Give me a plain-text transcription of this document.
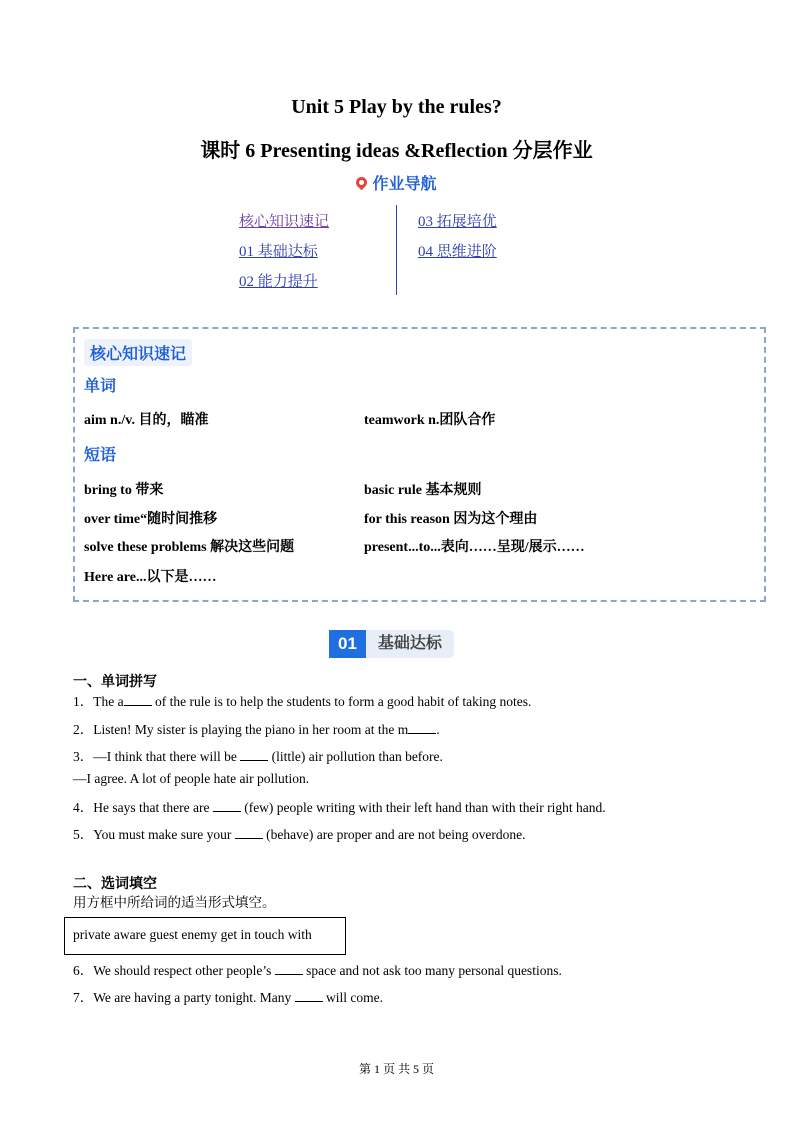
Unit 5 Play by the rules?
课时 6 Presenting ideas &Reflection 分层作业
作业导航
核心知识速记
01 基础达标
02 能力提升
03 拓展培优
04 思维进阶
核心知识速记
单词
aim n./v. 目的，瞄准	teamwork n.团队合作
短语
bring to 带来	basic rule 基本规则
over time“随时间推移	for this reason 因为这个理由
solve these problems 解决这些问题	present...to...表向……呈现/展示……
Here are...以下是……
01	基础达标
一、单词拼写
1．The a of the rule is to help the students to form a good habit of taking notes.
2．Listen! My sister is playing the piano in her room at the m .
3．—I think that there will be  (little) air pollution than before.
—I agree. A lot of people hate air pollution.
4．He says that there are  (few) people writing with their left hand than with their right hand.
5．You must make sure your  (behave) are proper and are not being overdone.
二、选词填空
用方框中所给词的适当形式填空。
private aware guest enemy get in touch with
6．We should respect other people’s  space and not ask too many personal questions.
7．We are having a party tonight. Many  will come.
第 1 页 共 5 页
